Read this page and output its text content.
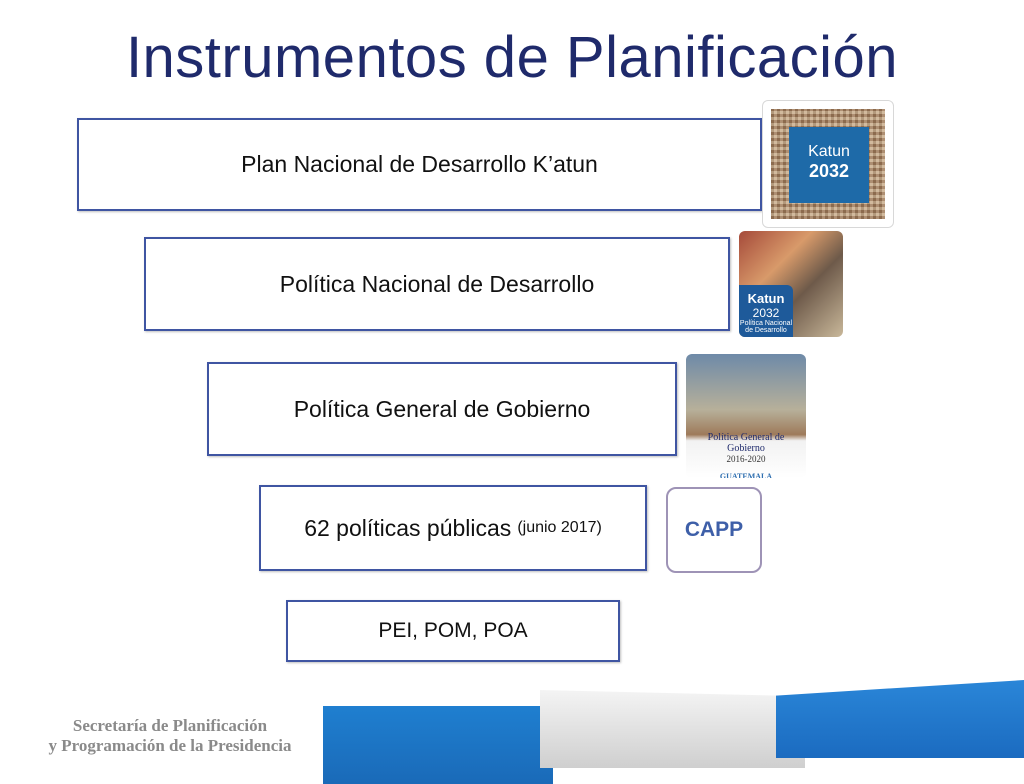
Instrumentos de Planificación
Plan Nacional de Desarrollo K’atun
Política Nacional de Desarrollo
Política General de Gobierno
62 políticas públicas (junio 2017)
PEI, POM, POA
CAPP
Katun
2032
Katun
2032
Política Nacional de Desarrollo
Política General de Gobierno
2016-2020
GUATEMALA
Secretaría de Planificación
y Programación de la Presidencia
